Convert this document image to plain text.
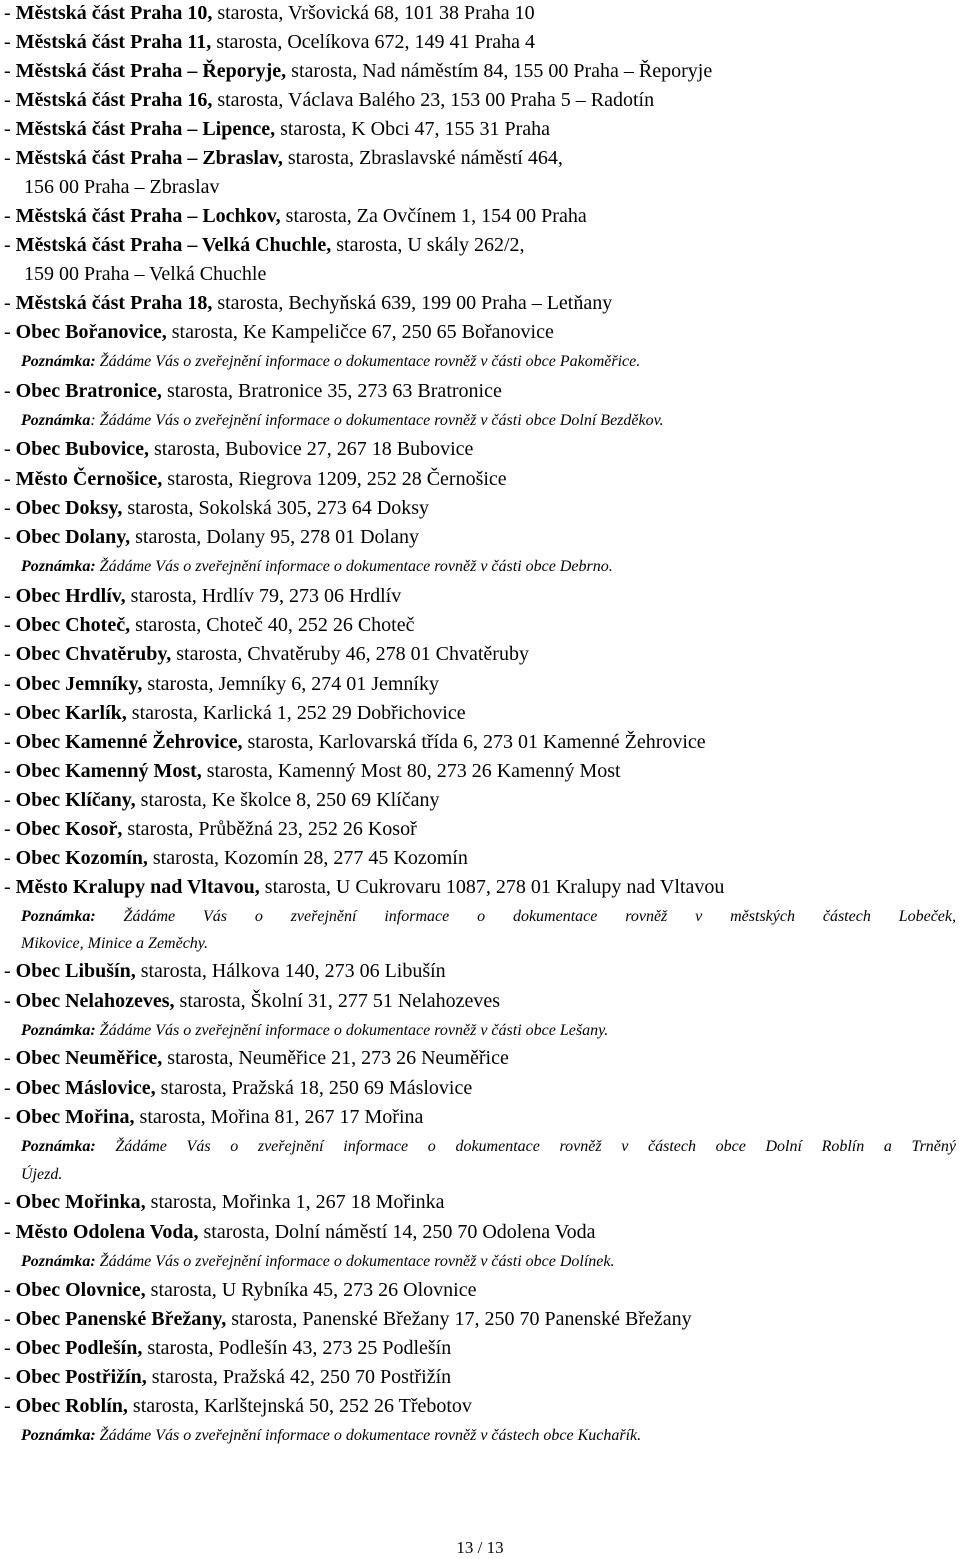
- Městská část Praha 10, starosta, Vršovická 68, 101 38 Praha 10
- Městská část Praha 11, starosta, Ocelíkova 672, 149 41 Praha 4
- Městská část Praha – Řeporyje, starosta, Nad náměstím 84, 155 00 Praha – Řeporyje
- Městská část Praha 16, starosta, Václava Balého 23, 153 00 Praha 5 – Radotín
- Městská část Praha – Lipence, starosta, K Obci 47, 155 31 Praha
- Městská část Praha – Zbraslav, starosta, Zbraslavské náměstí 464,
156 00 Praha – Zbraslav
- Městská část Praha – Lochkov, starosta, Za Ovčínem 1, 154 00 Praha
- Městská část Praha – Velká Chuchle, starosta, U skály 262/2,
159 00 Praha – Velká Chuchle
- Městská část Praha 18, starosta, Bechyňská 639, 199 00 Praha – Letňany
- Obec Bořanovice, starosta, Ke Kampeličce 67, 250 65 Bořanovice
Poznámka: Žádáme Vás o zveřejnění informace o dokumentace rovněž v části obce Pakoměřice.
- Obec Bratronice, starosta, Bratronice 35, 273 63 Bratronice
Poznámka: Žádáme Vás o zveřejnění informace o dokumentace rovněž v části obce Dolní Bezděkov.
- Obec Bubovice, starosta, Bubovice 27, 267 18 Bubovice
- Město Černošice, starosta, Riegrova 1209, 252 28 Černošice
- Obec Doksy, starosta, Sokolská 305, 273 64 Doksy
- Obec Dolany, starosta, Dolany 95, 278 01 Dolany
Poznámka: Žádáme Vás o zveřejnění informace o dokumentace rovněž v části obce Debrno.
- Obec Hrdlív, starosta, Hrdlív 79, 273 06 Hrdlív
- Obec Choteč, starosta, Choteč 40, 252 26 Choteč
- Obec Chvatěruby, starosta, Chvatěruby 46, 278 01 Chvatěruby
- Obec Jemníky, starosta, Jemníky 6, 274 01 Jemníky
- Obec Karlík, starosta, Karlická 1, 252 29 Dobřichovice
- Obec Kamenné Žehrovice, starosta, Karlovarská třída 6, 273 01 Kamenné Žehrovice
- Obec Kamenný Most, starosta, Kamenný Most 80, 273 26 Kamenný Most
- Obec Klíčany, starosta, Ke školce 8, 250 69 Klíčany
- Obec Kosoř, starosta, Průběžná 23, 252 26 Kosoř
- Obec Kozomín, starosta, Kozomín 28, 277 45 Kozomín
- Město Kralupy nad Vltavou, starosta, U Cukrovaru 1087, 278 01 Kralupy nad Vltavou
Poznámka: Žádáme Vás o zveřejnění informace o dokumentace rovněž v městských částech Lobeček,
Mikovice, Minice a Zeměchy.
- Obec Libušín, starosta, Hálkova 140, 273 06 Libušín
- Obec Nelahozeves, starosta, Školní 31, 277 51 Nelahozeves
Poznámka: Žádáme Vás o zveřejnění informace o dokumentace rovněž v části obce Lešany.
- Obec Neuměřice, starosta, Neuměřice 21, 273 26 Neuměřice
- Obec Máslovice, starosta, Pražská 18, 250 69 Máslovice
- Obec Mořina, starosta, Mořina 81, 267 17 Mořina
Poznámka: Žádáme Vás o zveřejnění informace o dokumentace rovněž v částech obce Dolní Roblín a Trněný
Újezd.
- Obec Mořinka, starosta, Mořinka 1, 267 18 Mořinka
- Město Odolena Voda, starosta, Dolní náměstí 14, 250 70 Odolena Voda
Poznámka: Žádáme Vás o zveřejnění informace o dokumentace rovněž v části obce Dolínek.
- Obec Olovnice, starosta, U Rybníka 45, 273 26 Olovnice
- Obec Panenské Břežany, starosta, Panenské Břežany 17, 250 70 Panenské Břežany
- Obec Podlešín, starosta, Podlešín 43, 273 25 Podlešín
- Obec Postřižín, starosta, Pražská 42, 250 70 Postřižín
- Obec Roblín, starosta, Karlštejnská 50, 252 26 Třebotov
Poznámka: Žádáme Vás o zveřejnění informace o dokumentace rovněž v částech obce Kuchařík.
13 / 13
